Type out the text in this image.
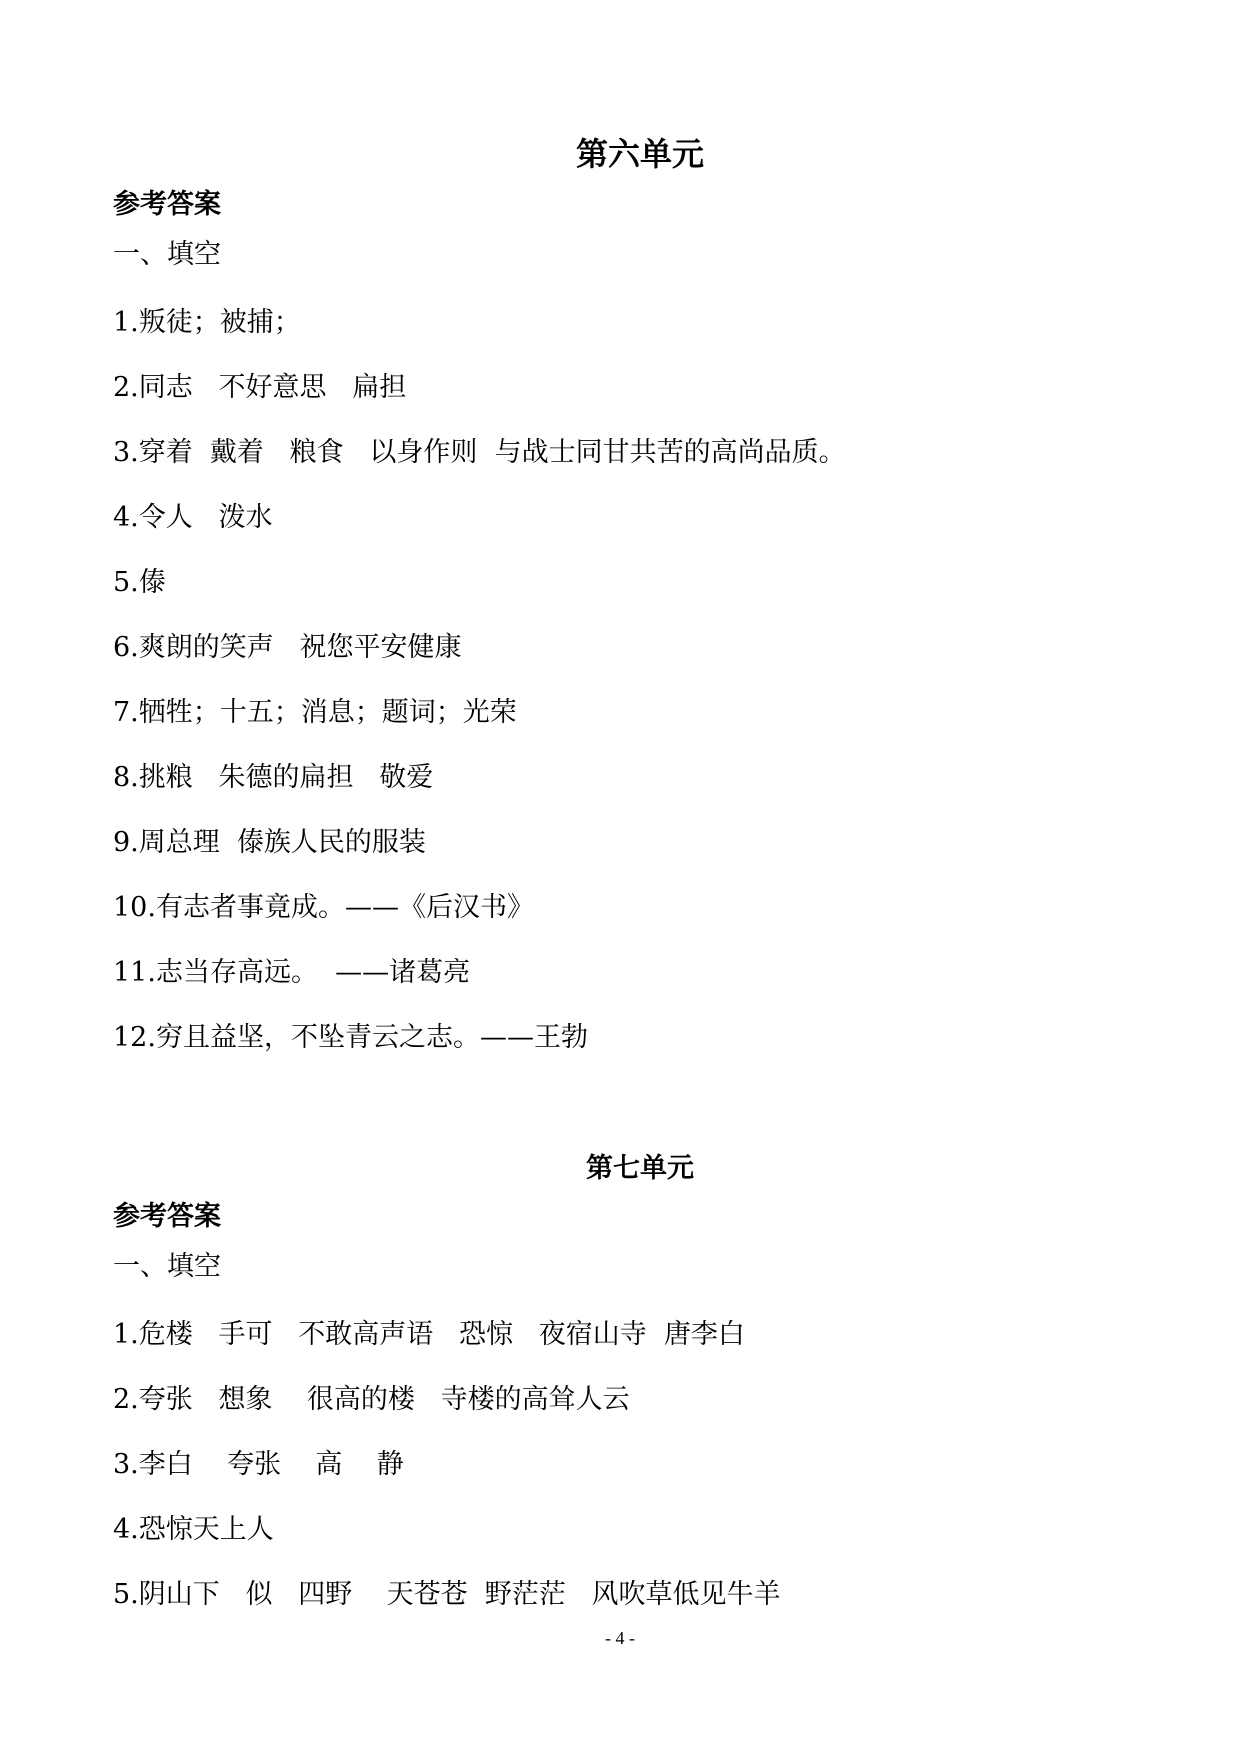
第六单元
参考答案
一、填空
1.叛徒；被捕；
2.同志   不好意思   扁担
3.穿着  戴着   粮食   以身作则  与战士同甘共苦的高尚品质。
4.令人   泼水
5.傣
6.爽朗的笑声   祝您平安健康
7.牺牲；十五；消息；题词；光荣
8.挑粮   朱德的扁担   敬爱
9.周总理  傣族人民的服装
10.有志者事竟成。——《后汉书》
11.志当存高远。  ——诸葛亮
12.穷且益坚，不坠青云之志。——王勃
第七单元
参考答案
一、填空
1.危楼   手可   不敢高声语   恐惊   夜宿山寺  唐李白
2.夸张   想象    很高的楼   寺楼的高耸人云
3.李白    夸张    高    静
4.恐惊天上人
5.阴山下   似   四野    天苍苍  野茫茫   风吹草低见牛羊
- 4 -
